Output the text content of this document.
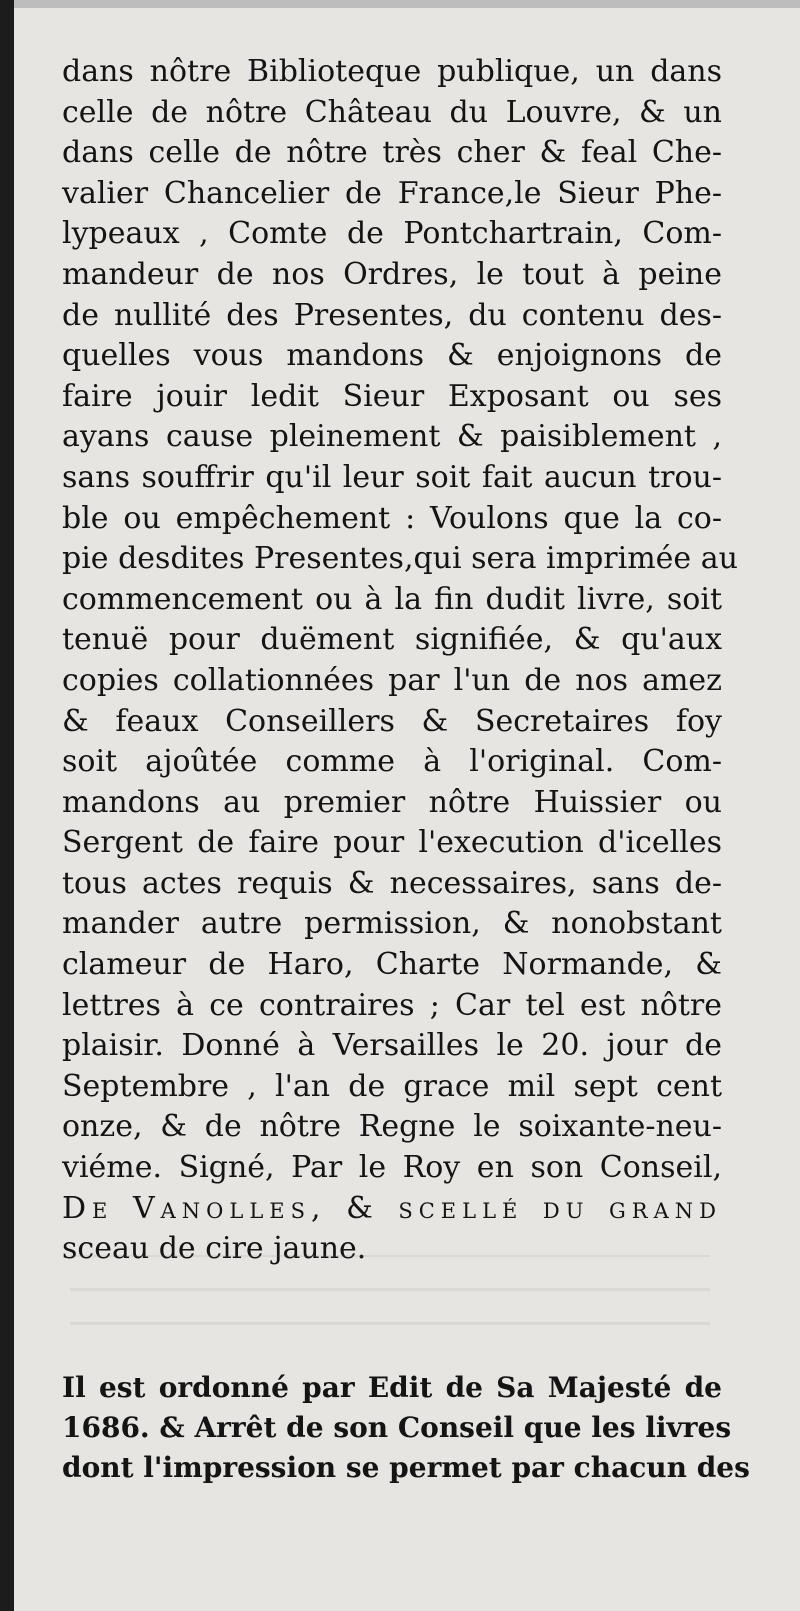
dans nôtre Biblioteque publique, un dans
celle de nôtre Château du Louvre, & un
dans celle de nôtre très cher & feal Che-
valier Chancelier de France,le Sieur Phe-
lypeaux , Comte de Pontchartrain, Com-
mandeur de nos Ordres, le tout à peine
de nullité des Presentes, du contenu des-
quelles vous mandons & enjoignons de
faire jouir ledit Sieur Exposant ou ses
ayans cause pleinement & paisiblement ,
sans souffrir qu'il leur soit fait aucun trou-
ble ou empêchement : Voulons que la co-
pie desdites Presentes,qui sera imprimée au
commencement ou à la fin dudit livre, soit
tenuë pour duëment signifiée, & qu'aux
copies collationnées par l'un de nos amez
& feaux Conseillers & Secretaires foy
soit ajoûtée comme à l'original. Com-
mandons au premier nôtre Huissier ou
Sergent de faire pour l'execution d'icelles
tous actes requis & necessaires, sans de-
mander autre permission, & nonobstant
clameur de Haro, Charte Normande, &
lettres à ce contraires ; Car tel est nôtre
plaisir. Donné à Versailles le 20. jour de
Septembre , l'an de grace mil sept cent
onze, & de nôtre Regne le soixante-neu-
viéme. Signé, Par le Roy en son Conseil,
De Vanolles, & scellé du grand
sceau de cire jaune.
Il est ordonné par Edit de Sa Majesté de
1686. & Arrêt de son Conseil que les livres
dont l'impression se permet par chacun des
